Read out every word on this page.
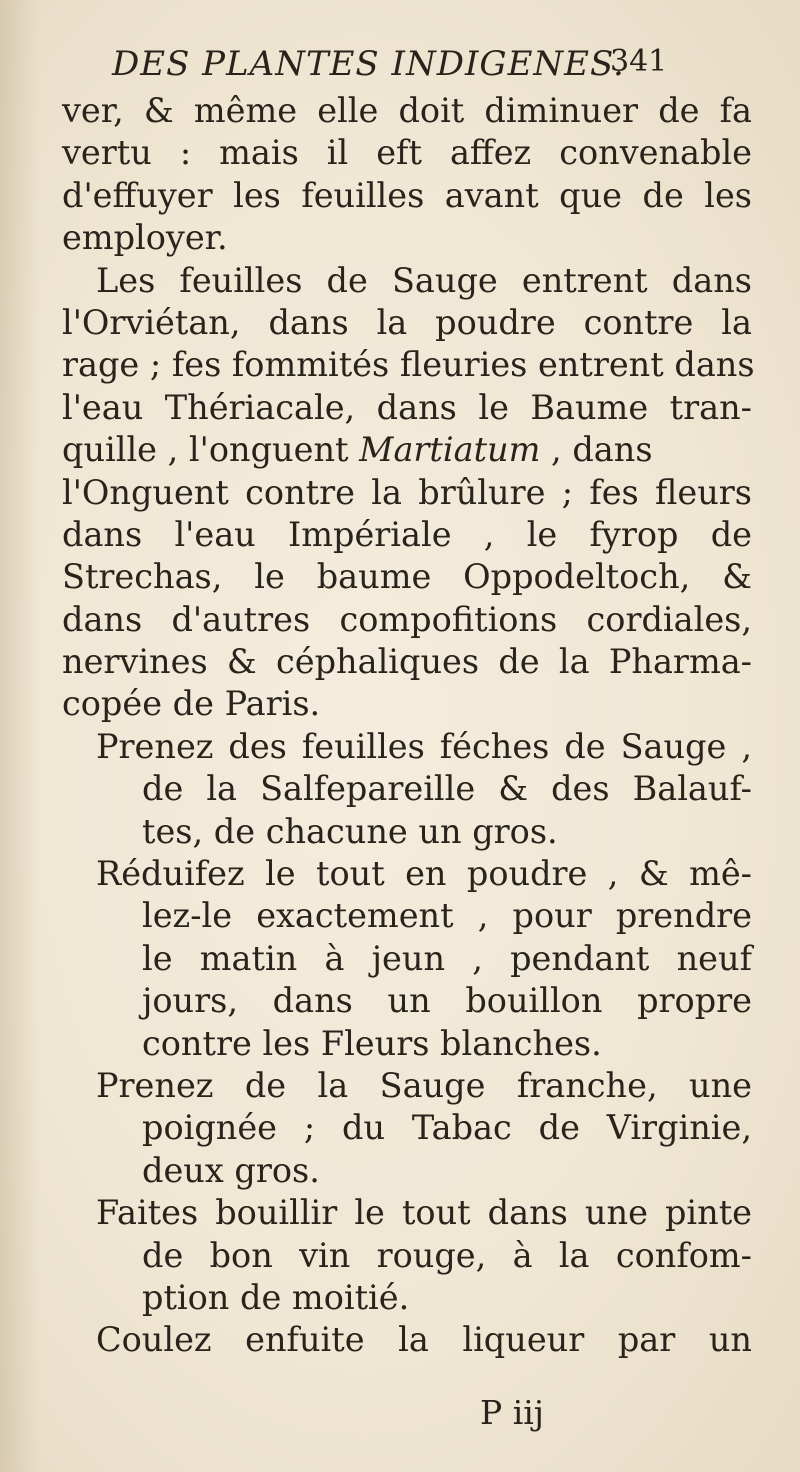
DES PLANTES INDIGENES.
341
ver, & même elle doit diminuer de fa
vertu : mais il eft affez convenable
d'effuyer les feuilles avant que de les
employer.
Les feuilles de Sauge entrent dans
l'Orviétan, dans la poudre contre la
rage ; fes fommités fleuries entrent dans
l'eau Thériacale, dans le Baume tran-
quille , l'onguent Martiatum , dans
l'Onguent contre la brûlure ; fes fleurs
dans l'eau Impériale , le fyrop de
Strechas, le baume Oppodeltoch, &
dans d'autres compofitions cordiales,
nervines & céphaliques de la Pharma-
copée de Paris.
Prenez des feuilles féches de Sauge ,
de la Salfepareille & des Balauf-
tes, de chacune un gros.
Réduifez le tout en poudre , & mê-
lez-le exactement , pour prendre
le matin à jeun , pendant neuf
jours, dans un bouillon propre
contre les Fleurs blanches.
Prenez de la Sauge franche, une
poignée ; du Tabac de Virginie,
deux gros.
Faites bouillir le tout dans une pinte
de bon vin rouge, à la confom-
ption de moitié.
Coulez enfuite la liqueur par un
P iij
